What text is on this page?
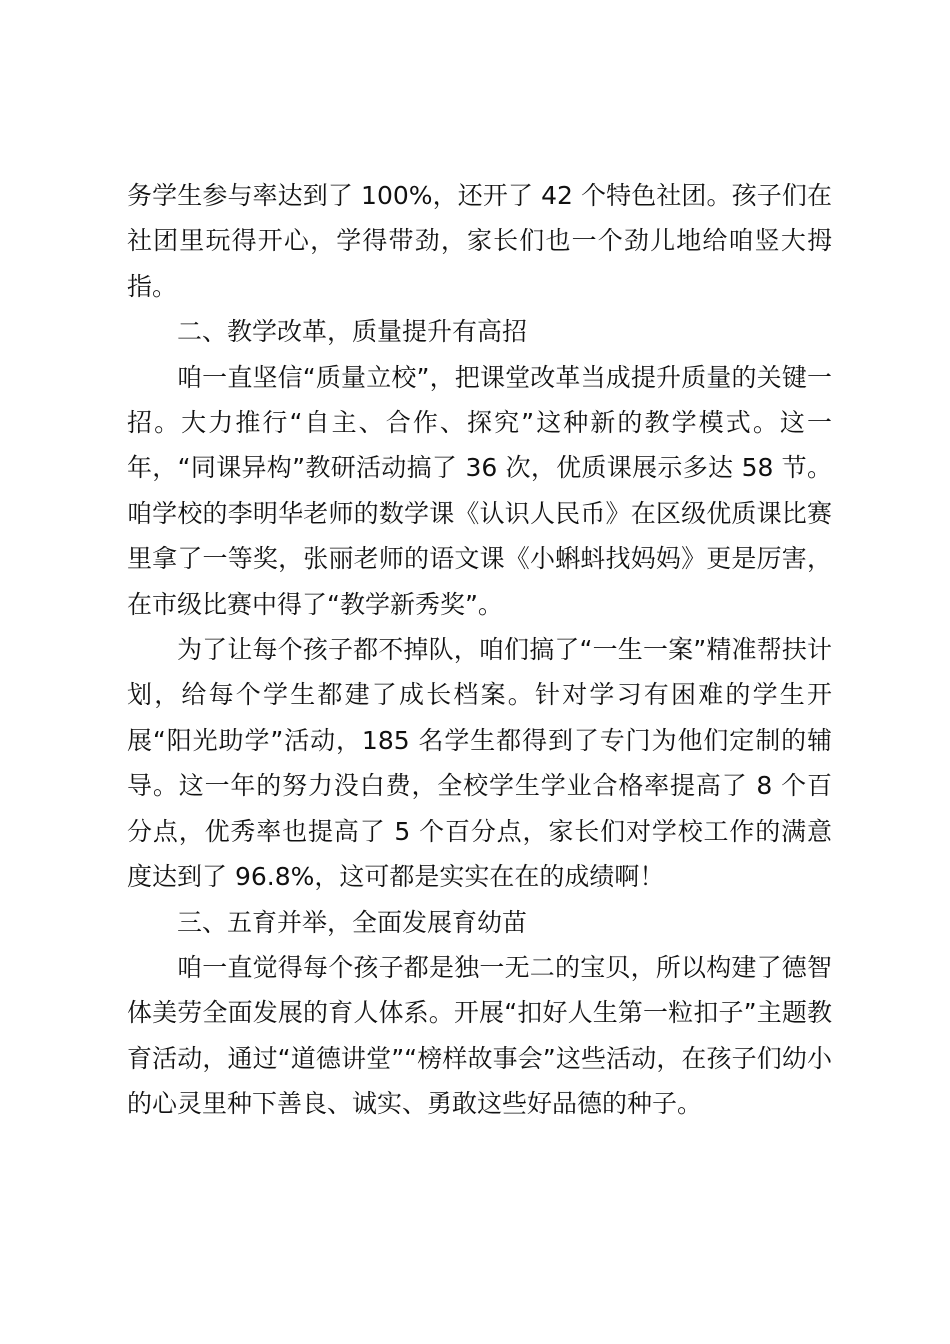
务学生参与率达到了 100%，还开了 42 个特色社团。孩子们在社团里玩得开心，学得带劲，家长们也一个劲儿地给咱竖大拇指。

二、教学改革，质量提升有高招

咱一直坚信“质量立校”，把课堂改革当成提升质量的关键一招。大力推行“自主、合作、探究”这种新的教学模式。这一年，“同课异构”教研活动搞了 36 次，优质课展示多达 58 节。咱学校的李明华老师的数学课《认识人民币》在区级优质课比赛里拿了一等奖，张丽老师的语文课《小蝌蚪找妈妈》更是厉害，在市级比赛中得了“教学新秀奖”。

为了让每个孩子都不掉队，咱们搞了“一生一案”精准帮扶计划，给每个学生都建了成长档案。针对学习有困难的学生开展“阳光助学”活动，185 名学生都得到了专门为他们定制的辅导。这一年的努力没白费，全校学生学业合格率提高了 8 个百分点，优秀率也提高了 5 个百分点，家长们对学校工作的满意度达到了 96.8%，这可都是实实在在的成绩啊！

三、五育并举，全面发展育幼苗

咱一直觉得每个孩子都是独一无二的宝贝，所以构建了德智体美劳全面发展的育人体系。开展“扣好人生第一粒扣子”主题教育活动，通过“道德讲堂”“榜样故事会”这些活动，在孩子们幼小的心灵里种下善良、诚实、勇敢这些好品德的种子。
